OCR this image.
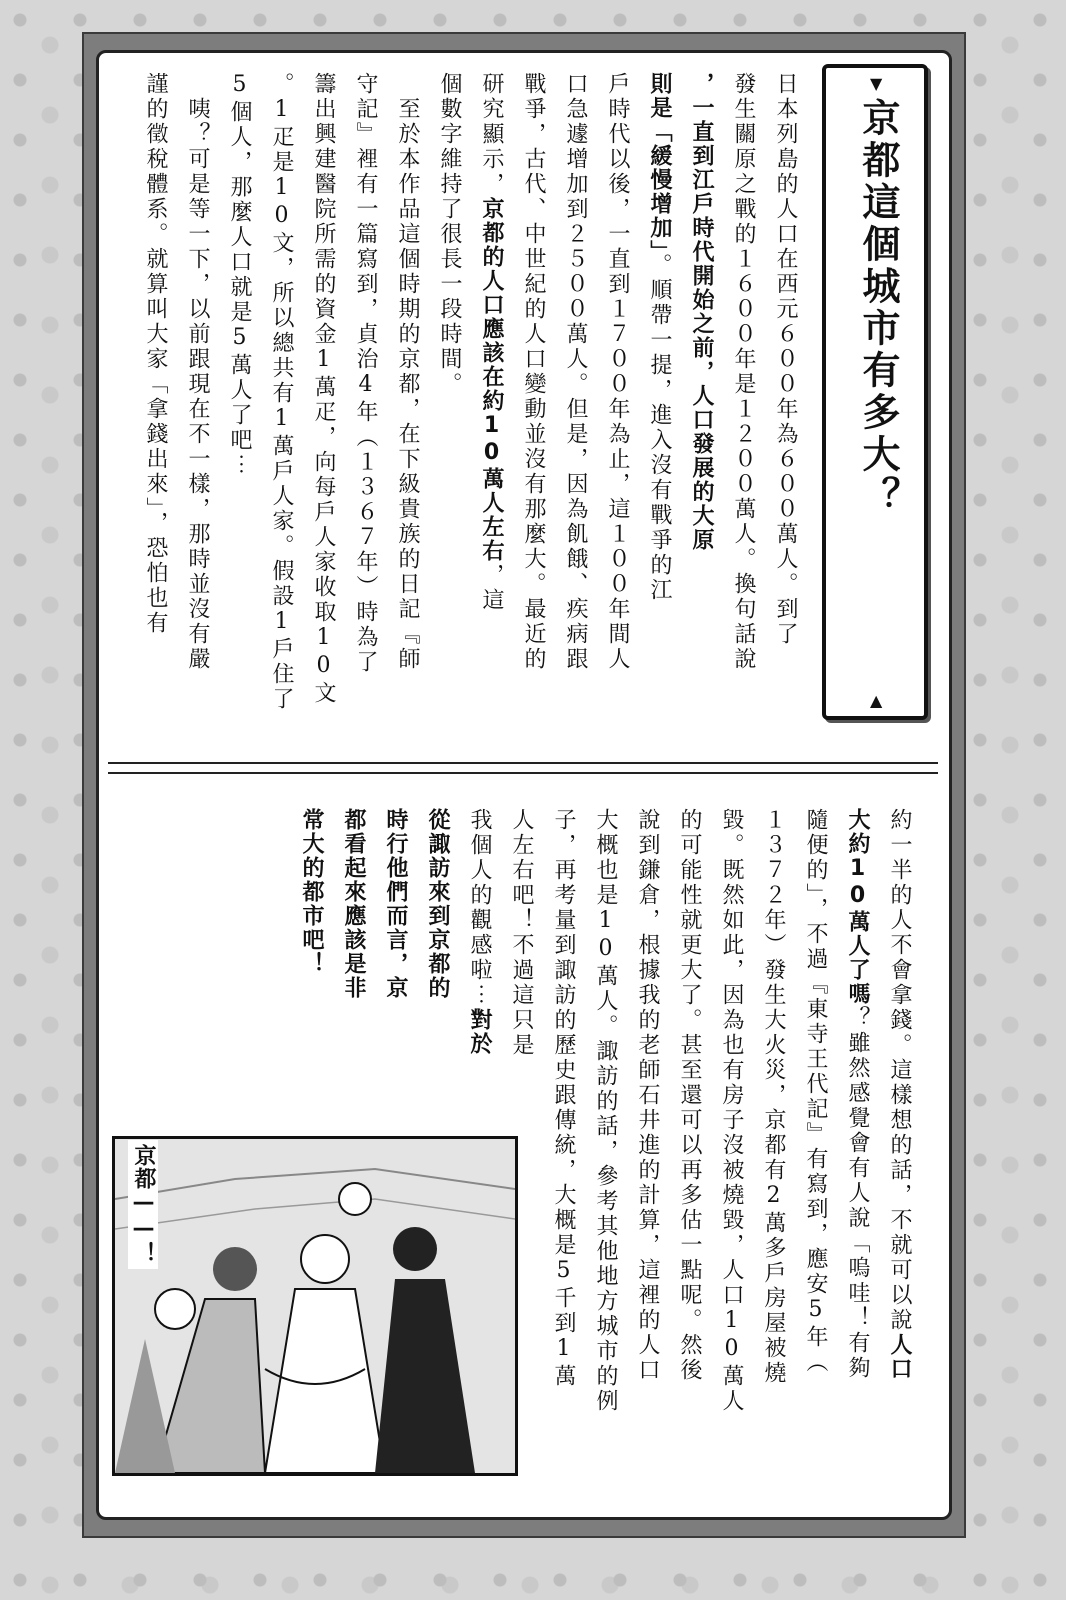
▼
京都這個城市有多大？
▲
日本列島的人口在西元６００年為６００萬人。到了
發生關原之戰的１６００年是１２００萬人。換句話說
，一直到江戶時代開始之前，人口發展的大原
則是「緩慢增加」。順帶一提，進入沒有戰爭的江
戶時代以後，一直到１７００年為止，這１００年間人
口急遽增加到２５００萬人。但是，因為飢餓、疾病跟
戰爭，古代、中世紀的人口變動並沒有那麼大。最近的
研究顯示，京都的人口應該在約10萬人左右，這
個數字維持了很長一段時間。
　至於本作品這個時期的京都，在下級貴族的日記『師
守記』裡有一篇寫到，貞治4年（１３６７年）時為了
籌出興建醫院所需的資金1萬疋，向每戶人家收取10文
。1疋是10文，所以總共有1萬戶人家。假設1戶住了
5個人，那麼人口就是5萬人了吧⋯
　咦？可是等一下，以前跟現在不一樣，那時並沒有嚴
謹的徵稅體系。就算叫大家「拿錢出來」，恐怕也有
約一半的人不會拿錢。這樣想的話，不就可以說人口
大約10萬人了嗎？雖然感覺會有人說「嗚哇！有夠
隨便的」，不過『東寺王代記』有寫到，應安5年（
１３７２年）發生大火災，京都有2萬多戶房屋被燒
毀。既然如此，因為也有房子沒被燒毀，人口10萬人
的可能性就更大了。甚至還可以再多估一點呢。然後
說到鎌倉，根據我的老師石井進的計算，這裡的人口
大概也是10萬人。諏訪的話，參考其他地方城市的例
子，再考量到諏訪的歷史跟傳統，大概是5千到1萬
人左右吧！不過這只是
我個人的觀感啦⋯對於
從諏訪來到京都的
時行他們而言，京
都看起來應該是非
常大的都市吧！
京都——！
